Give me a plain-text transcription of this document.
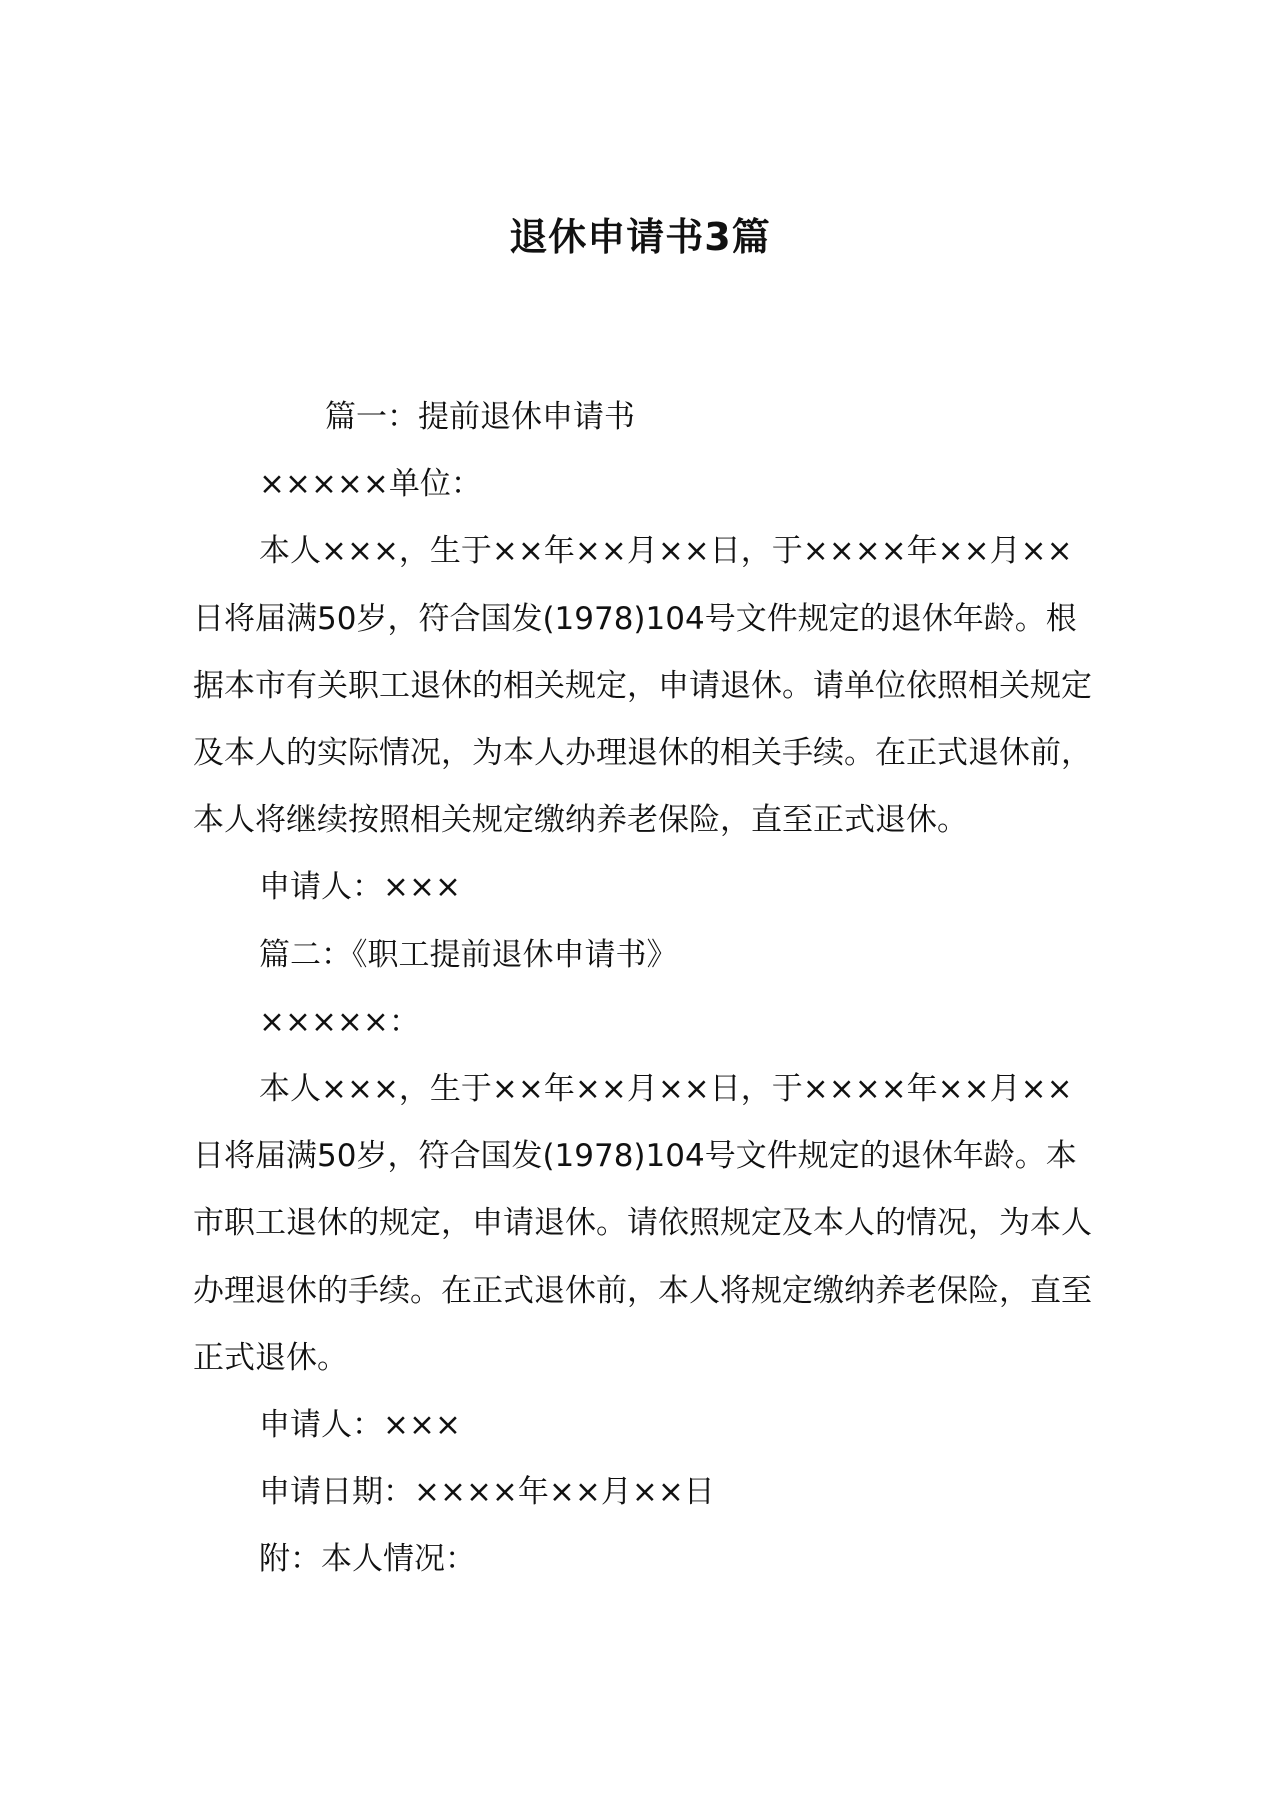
退休申请书3篇

篇一：提前退休申请书

×××××单位：

本人×××，生于××年××月××日，于××××年××月××日将届满50岁，符合国发(1978)104号文件规定的退休年龄。根据本市有关职工退休的相关规定，申请退休。请单位依照相关规定及本人的实际情况，为本人办理退休的相关手续。在正式退休前，本人将继续按照相关规定缴纳养老保险，直至正式退休。

申请人：×××

篇二：《职工提前退休申请书》

×××××：

本人×××，生于××年××月××日，于××××年××月××日将届满50岁，符合国发(1978)104号文件规定的退休年龄。本市职工退休的规定，申请退休。请依照规定及本人的情况，为本人办理退休的手续。在正式退休前，本人将规定缴纳养老保险，直至正式退休。

申请人：×××

申请日期：××××年××月××日

附：本人情况：
